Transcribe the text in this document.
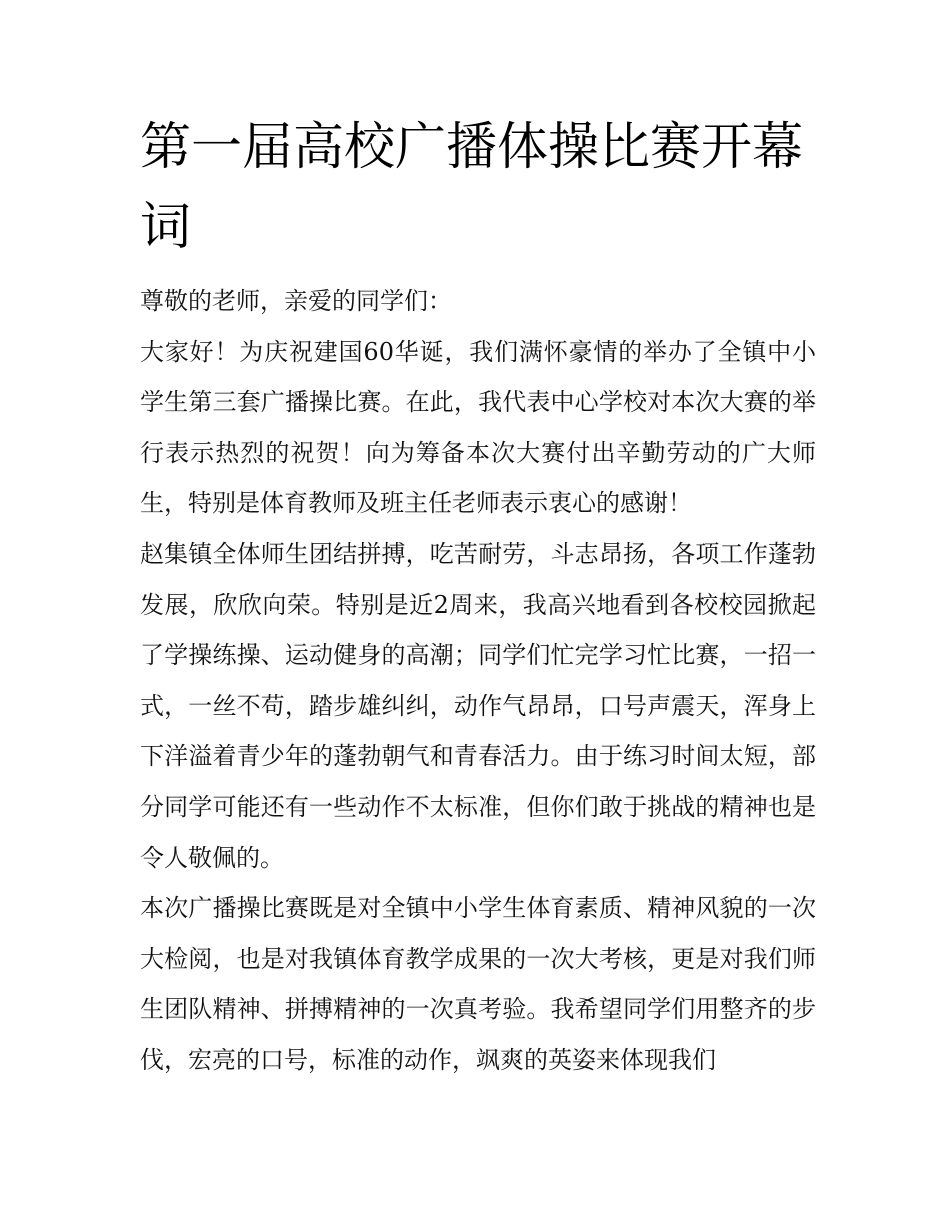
第一届高校广播体操比赛开幕词

尊敬的老师，亲爱的同学们：

大家好！为庆祝建国60华诞，我们满怀豪情的举办了全镇中小学生第三套广播操比赛。在此，我代表中心学校对本次大赛的举行表示热烈的祝贺！向为筹备本次大赛付出辛勤劳动的广大师生，特别是体育教师及班主任老师表示衷心的感谢！

赵集镇全体师生团结拼搏，吃苦耐劳，斗志昂扬，各项工作蓬勃发展，欣欣向荣。特别是近2周来，我高兴地看到各校校园掀起了学操练操、运动健身的高潮；同学们忙完学习忙比赛，一招一式，一丝不苟，踏步雄纠纠，动作气昂昂，口号声震天，浑身上下洋溢着青少年的蓬勃朝气和青春活力。由于练习时间太短，部分同学可能还有一些动作不太标准，但你们敢于挑战的精神也是令人敬佩的。

本次广播操比赛既是对全镇中小学生体育素质、精神风貌的一次大检阅，也是对我镇体育教学成果的一次大考核，更是对我们师生团队精神、拼搏精神的一次真考验。我希望同学们用整齐的步伐，宏亮的口号，标准的动作，飒爽的英姿来体现我们
